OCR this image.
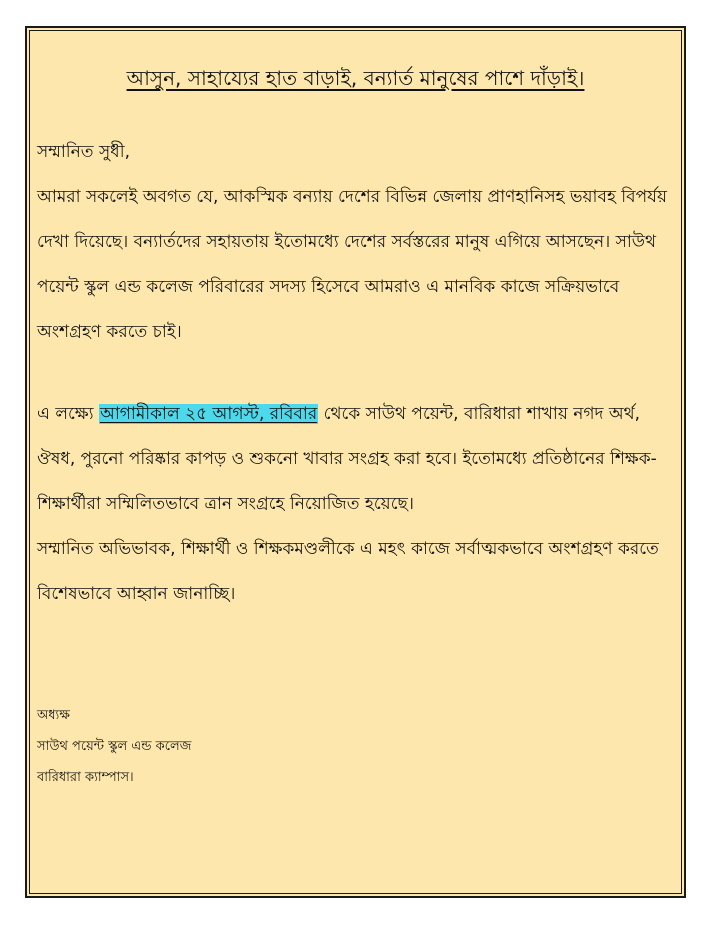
আসুন, সাহায্যের হাত বাড়াই, বন্যার্ত মানুষের পাশে দাঁড়াই।
সম্মানিত সুধী,
আমরা সকলেই অবগত যে, আকস্মিক বন্যায় দেশের বিভিন্ন জেলায় প্রাণহানিসহ ভয়াবহ বিপর্যয় দেখা দিয়েছে। বন্যার্তদের সহায়তায় ইতোমধ্যে দেশের সর্বস্তরের মানুষ এগিয়ে আসছেন। সাউথ পয়েন্ট স্কুল এন্ড কলেজ পরিবারের সদস্য হিসেবে আমরাও এ মানবিক কাজে সক্রিয়ভাবে অংশগ্রহণ করতে চাই।
এ লক্ষ্যে আগামীকাল ২৫ আগস্ট, রবিবার থেকে সাউথ পয়েন্ট, বারিধারা শাখায় নগদ অর্থ, ঔষধ, পুরনো পরিষ্কার কাপড় ও শুকনো খাবার সংগ্রহ করা হবে। ইতোমধ্যে প্রতিষ্ঠানের শিক্ষক-শিক্ষার্থীরা সম্মিলিতভাবে ত্রান সংগ্রহে নিয়োজিত হয়েছে।
সম্মানিত অভিভাবক, শিক্ষার্থী ও শিক্ষকমণ্ডলীকে এ মহৎ কাজে সর্বাত্মকভাবে অংশগ্রহণ করতে বিশেষভাবে আহ্বান জানাচ্ছি।
অধ্যক্ষ
সাউথ পয়েন্ট স্কুল এন্ড কলেজ
বারিধারা ক্যাম্পাস।
